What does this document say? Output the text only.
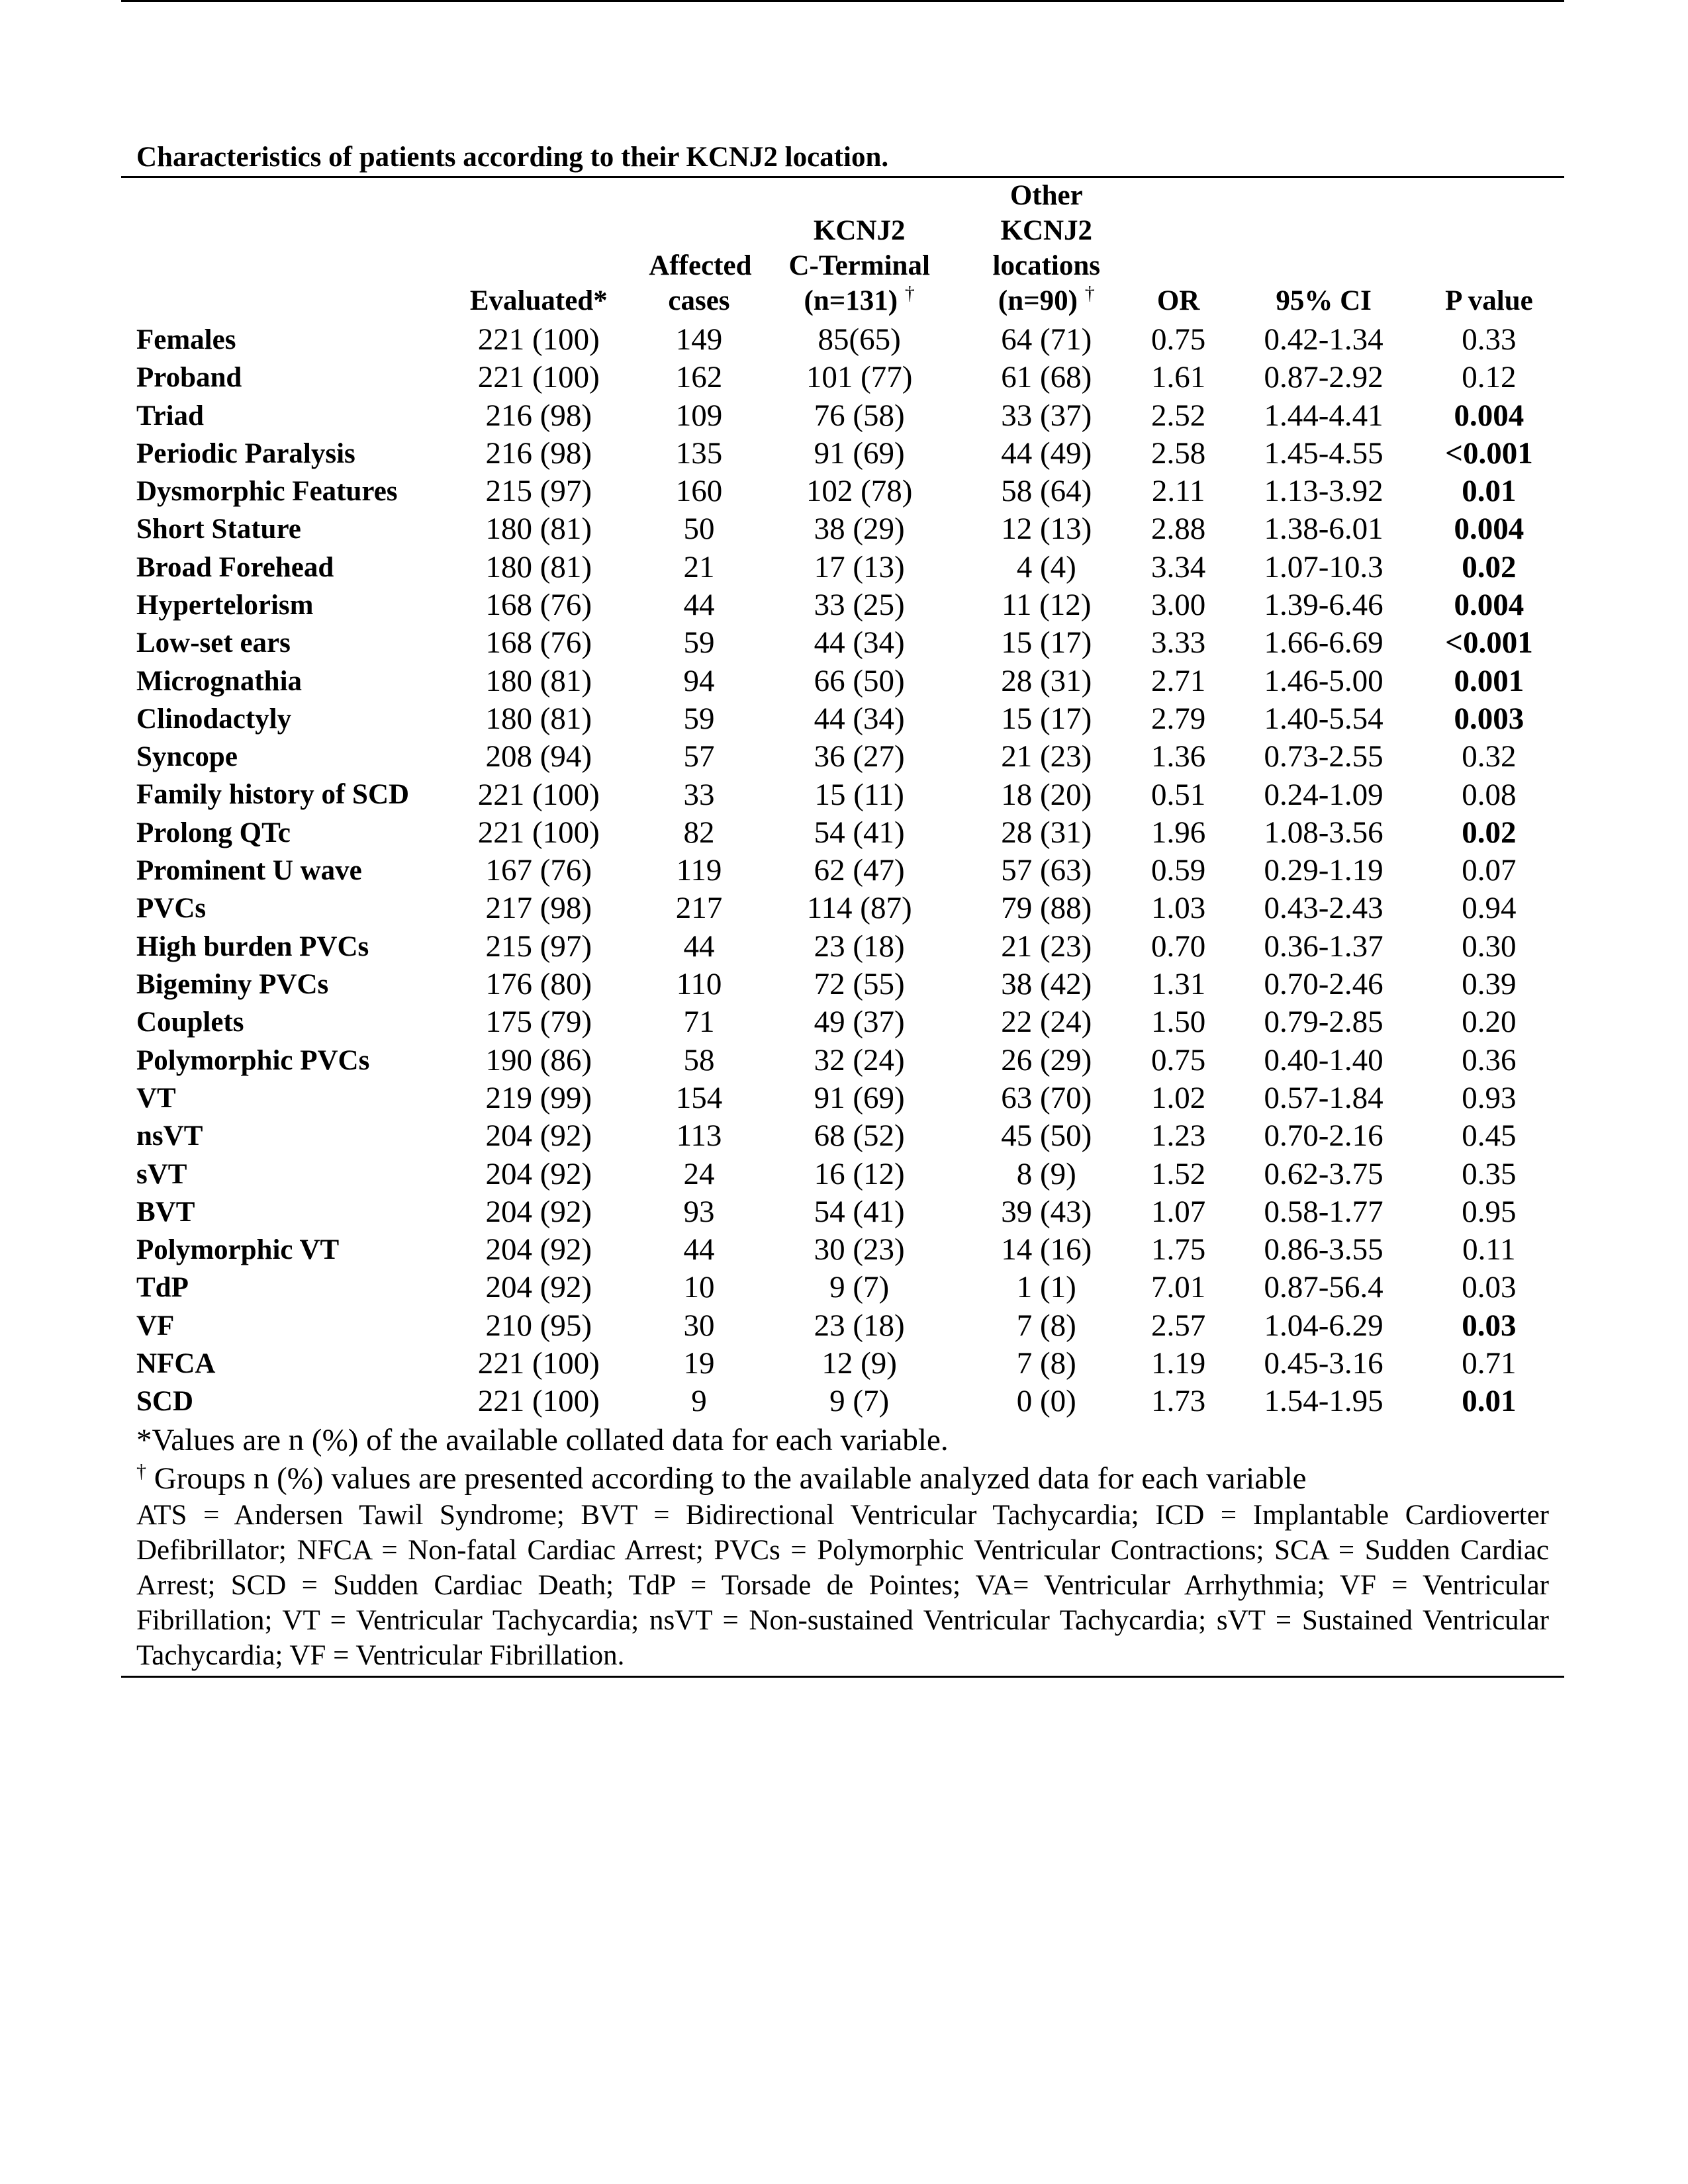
Characteristics of patients according to their KCNJ2 location.
	Evaluated*	Affected
cases	KCNJ2
C-Terminal
(n=131) †	Other
KCNJ2
locations
(n=90) †	OR	95% CI	P value
Females	221 (100)	149	85(65)	64 (71)	0.75	0.42-1.34	0.33
Proband	221 (100)	162	101 (77)	61 (68)	1.61	0.87-2.92	0.12
Triad	216 (98)	109	76 (58)	33 (37)	2.52	1.44-4.41	0.004
Periodic Paralysis	216 (98)	135	91 (69)	44 (49)	2.58	1.45-4.55	<0.001
Dysmorphic Features	215 (97)	160	102 (78)	58 (64)	2.11	1.13-3.92	0.01
Short Stature	180 (81)	50	38 (29)	12 (13)	2.88	1.38-6.01	0.004
Broad Forehead	180 (81)	21	17 (13)	4 (4)	3.34	1.07-10.3	0.02
Hypertelorism	168 (76)	44	33 (25)	11 (12)	3.00	1.39-6.46	0.004
Low-set ears	168 (76)	59	44 (34)	15 (17)	3.33	1.66-6.69	<0.001
Micrognathia	180 (81)	94	66 (50)	28 (31)	2.71	1.46-5.00	0.001
Clinodactyly	180 (81)	59	44 (34)	15 (17)	2.79	1.40-5.54	0.003
Syncope	208 (94)	57	36 (27)	21 (23)	1.36	0.73-2.55	0.32
Family history of SCD	221 (100)	33	15 (11)	18 (20)	0.51	0.24-1.09	0.08
Prolong QTc	221 (100)	82	54 (41)	28 (31)	1.96	1.08-3.56	0.02
Prominent U wave	167 (76)	119	62 (47)	57 (63)	0.59	0.29-1.19	0.07
PVCs	217 (98)	217	114 (87)	79 (88)	1.03	0.43-2.43	0.94
High burden PVCs	215 (97)	44	23 (18)	21 (23)	0.70	0.36-1.37	0.30
Bigeminy PVCs	176 (80)	110	72 (55)	38 (42)	1.31	0.70-2.46	0.39
Couplets	175 (79)	71	49 (37)	22 (24)	1.50	0.79-2.85	0.20
Polymorphic PVCs	190 (86)	58	32 (24)	26 (29)	0.75	0.40-1.40	0.36
VT	219 (99)	154	91 (69)	63 (70)	1.02	0.57-1.84	0.93
nsVT	204 (92)	113	68 (52)	45 (50)	1.23	0.70-2.16	0.45
sVT	204 (92)	24	16 (12)	8 (9)	1.52	0.62-3.75	0.35
BVT	204 (92)	93	54 (41)	39 (43)	1.07	0.58-1.77	0.95
Polymorphic VT	204 (92)	44	30 (23)	14 (16)	1.75	0.86-3.55	0.11
TdP	204 (92)	10	9 (7)	1 (1)	7.01	0.87-56.4	0.03
VF	210 (95)	30	23 (18)	7 (8)	2.57	1.04-6.29	0.03
NFCA	221 (100)	19	12 (9)	7 (8)	1.19	0.45-3.16	0.71
SCD	221 (100)	9	9 (7)	0 (0)	1.73	1.54-1.95	0.01
*Values are n (%) of the available collated data for each variable.
† Groups n (%) values are presented according to the available analyzed data for each variable
ATS = Andersen Tawil Syndrome; BVT = Bidirectional Ventricular Tachycardia; ICD = Implantable Cardioverter Defibrillator; NFCA = Non-fatal Cardiac Arrest; PVCs = Polymorphic Ventricular Contractions; SCA = Sudden Cardiac Arrest; SCD = Sudden Cardiac Death; TdP = Torsade de Pointes; VA= Ventricular Arrhythmia; VF = Ventricular Fibrillation; VT = Ventricular Tachycardia; nsVT = Non-sustained Ventricular Tachycardia; sVT = Sustained Ventricular Tachycardia; VF = Ventricular Fibrillation.
